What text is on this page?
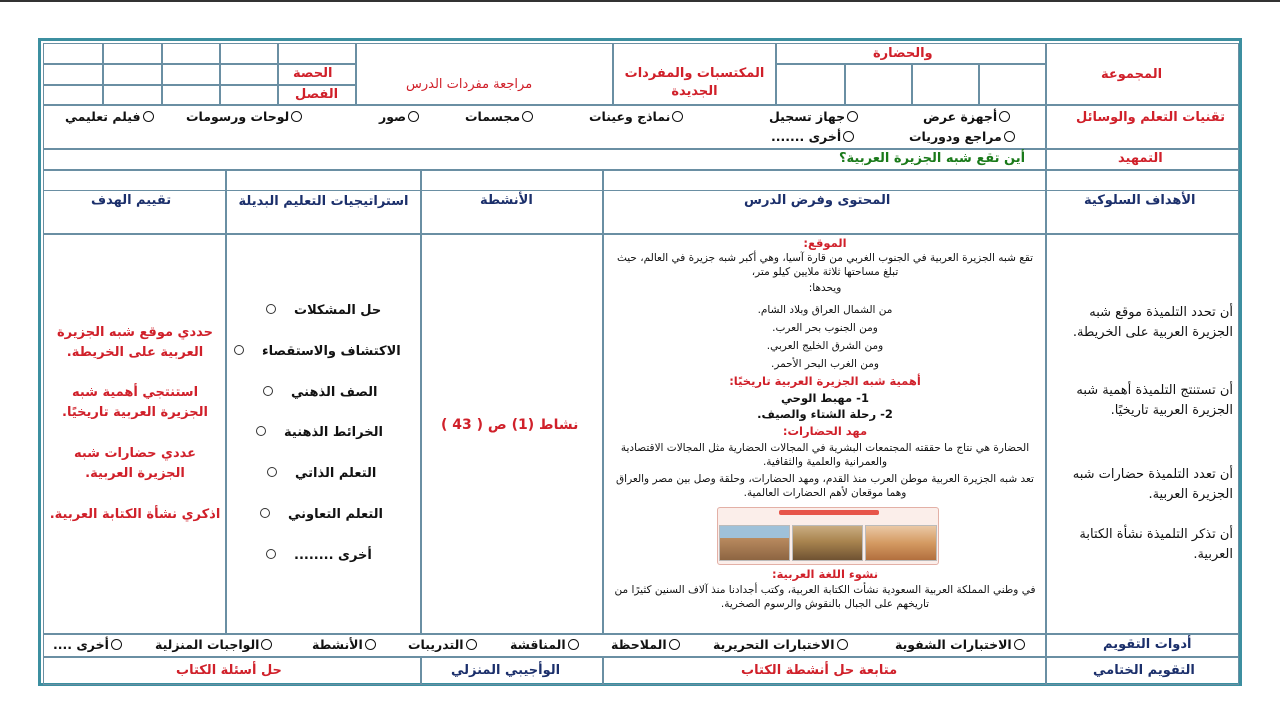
المجموعة
والحضارة
المكتسبات والمفردات الجديدة
مراجعة مفردات الدرس
الحصة
الفصل
تقنيات التعلم والوسائل
أجهزة عرض
جهاز تسجيل
نماذج وعينات
مجسمات
صور
لوحات ورسومات
فيلم تعليمي
مراجع ودوريات
أخرى .......
التمهيد
أين تقع شبه الجزيرة العربية؟
الأهداف السلوكية
المحتوى وفرض الدرس
الأنشطة
استراتيجيات التعليم البديلة
تقييم الهدف
أن تحدد التلميذة موقع شبه الجزيرة العربية على الخريطة.
أن تستنتج التلميذة أهمية شبه الجزيرة العربية تاريخيًا.
أن تعدد التلميذة حضارات شبه الجزيرة العربية.
أن تذكر التلميذة نشأة الكتابة العربية.
الموقع:
تقع شبه الجزيرة العربية في الجنوب الغربي من قارة آسيا، وهي أكبر شبه جزيرة في العالم، حيث تبلغ مساحتها ثلاثة ملايين كيلو متر،
ويحدها:
من الشمال العراق وبلاد الشام.
ومن الجنوب بحر العرب.
ومن الشرق الخليج العربي.
ومن الغرب البحر الأحمر.
أهمية شبه الجزيرة العربية تاريخيًا:
1- مهبط الوحي
2- رحلة الشتاء والصيف.
مهد الحضارات:
الحضارة هي نتاج ما حققته المجتمعات البشرية في المجالات الحضارية مثل المجالات الاقتصادية والعمرانية والعلمية والثقافية.
تعد شبه الجزيرة العربية موطن العرب منذ القدم، ومهد الحضارات، وحلقة وصل بين مصر والعراق وهما موقعان لأهم الحضارات العالمية.
نشوء اللغة العربية:
في وطني المملكة العربية السعودية نشأت الكتابة العربية، وكتب أجدادنا منذ آلاف السنين كثيرًا من تاريخهم على الجبال بالنقوش والرسوم الصخرية.
نشاط (1) ص ( 43 )
حل المشكلات
الاكتشاف والاستقصاء
الصف الذهني
الخرائط الذهنية
التعلم الذاتي
التعلم التعاوني
أخرى ........
حددي موقع شبه الجزيرة العربية على الخريطة.
استنتجي أهمية شبه الجزيرة العربية تاريخيًا.
عددي حضارات شبه الجزيرة العربية.
اذكري نشأة الكتابة العربية.
أدوات التقويم
الاختبارات الشفوية
الاختبارات التحريرية
الملاحظة
المناقشة
التدريبات
الأنشطة
الواجبات المنزلية
أخرى ....
التقويم الختامي
متابعة حل أنشطة الكتاب
الوأجيبي المنزلي
حل أسئلة الكتاب
